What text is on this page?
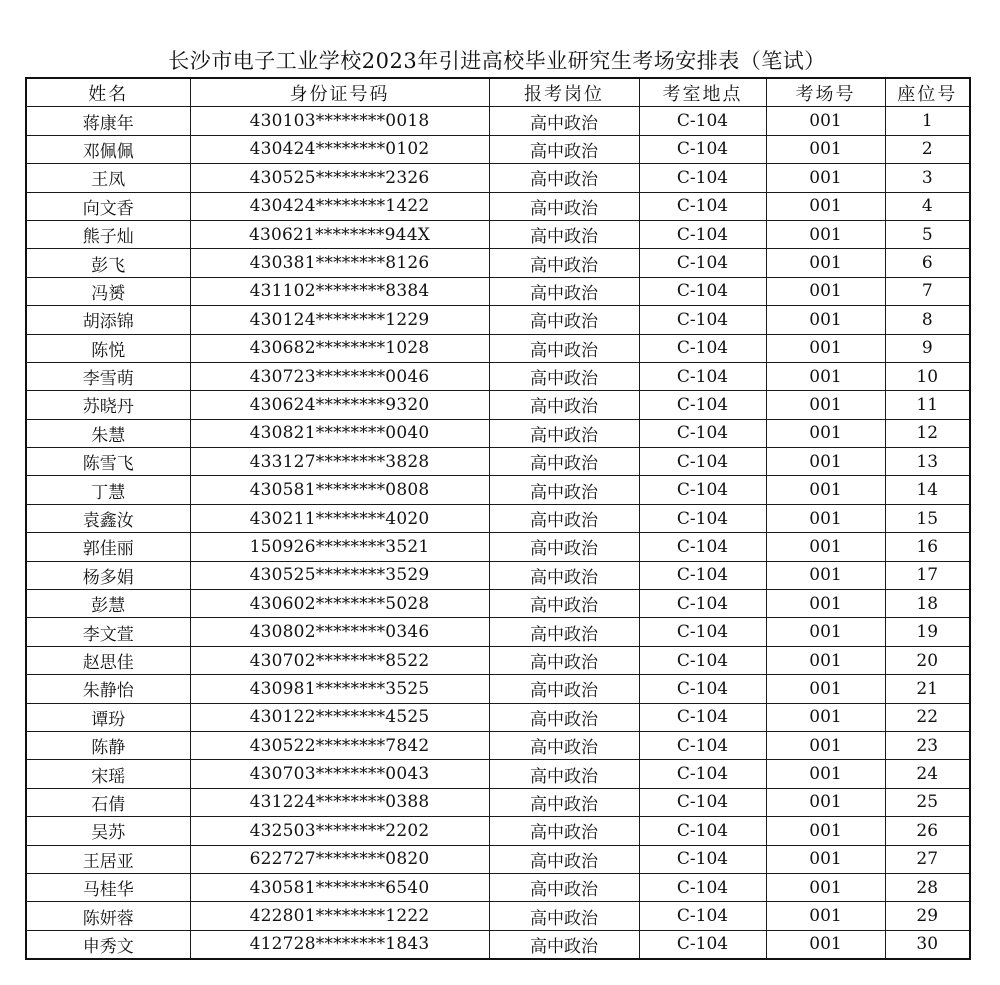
长沙市电子工业学校2023年引进高校毕业研究生考场安排表（笔试）
姓名	身份证号码	报考岗位	考室地点	考场号	座位号
蒋康年	430103********0018	高中政治	C-104	001	1
邓佩佩	430424********0102	高中政治	C-104	001	2
王凤	430525********2326	高中政治	C-104	001	3
向文香	430424********1422	高中政治	C-104	001	4
熊子灿	430621********944X	高中政治	C-104	001	5
彭飞	430381********8126	高中政治	C-104	001	6
冯赟	431102********8384	高中政治	C-104	001	7
胡添锦	430124********1229	高中政治	C-104	001	8
陈悦	430682********1028	高中政治	C-104	001	9
李雪萌	430723********0046	高中政治	C-104	001	10
苏晓丹	430624********9320	高中政治	C-104	001	11
朱慧	430821********0040	高中政治	C-104	001	12
陈雪飞	433127********3828	高中政治	C-104	001	13
丁慧	430581********0808	高中政治	C-104	001	14
袁鑫汝	430211********4020	高中政治	C-104	001	15
郭佳丽	150926********3521	高中政治	C-104	001	16
杨多娟	430525********3529	高中政治	C-104	001	17
彭慧	430602********5028	高中政治	C-104	001	18
李文萱	430802********0346	高中政治	C-104	001	19
赵思佳	430702********8522	高中政治	C-104	001	20
朱静怡	430981********3525	高中政治	C-104	001	21
谭玢	430122********4525	高中政治	C-104	001	22
陈静	430522********7842	高中政治	C-104	001	23
宋瑶	430703********0043	高中政治	C-104	001	24
石倩	431224********0388	高中政治	C-104	001	25
吴苏	432503********2202	高中政治	C-104	001	26
王居亚	622727********0820	高中政治	C-104	001	27
马桂华	430581********6540	高中政治	C-104	001	28
陈妍蓉	422801********1222	高中政治	C-104	001	29
申秀文	412728********1843	高中政治	C-104	001	30
